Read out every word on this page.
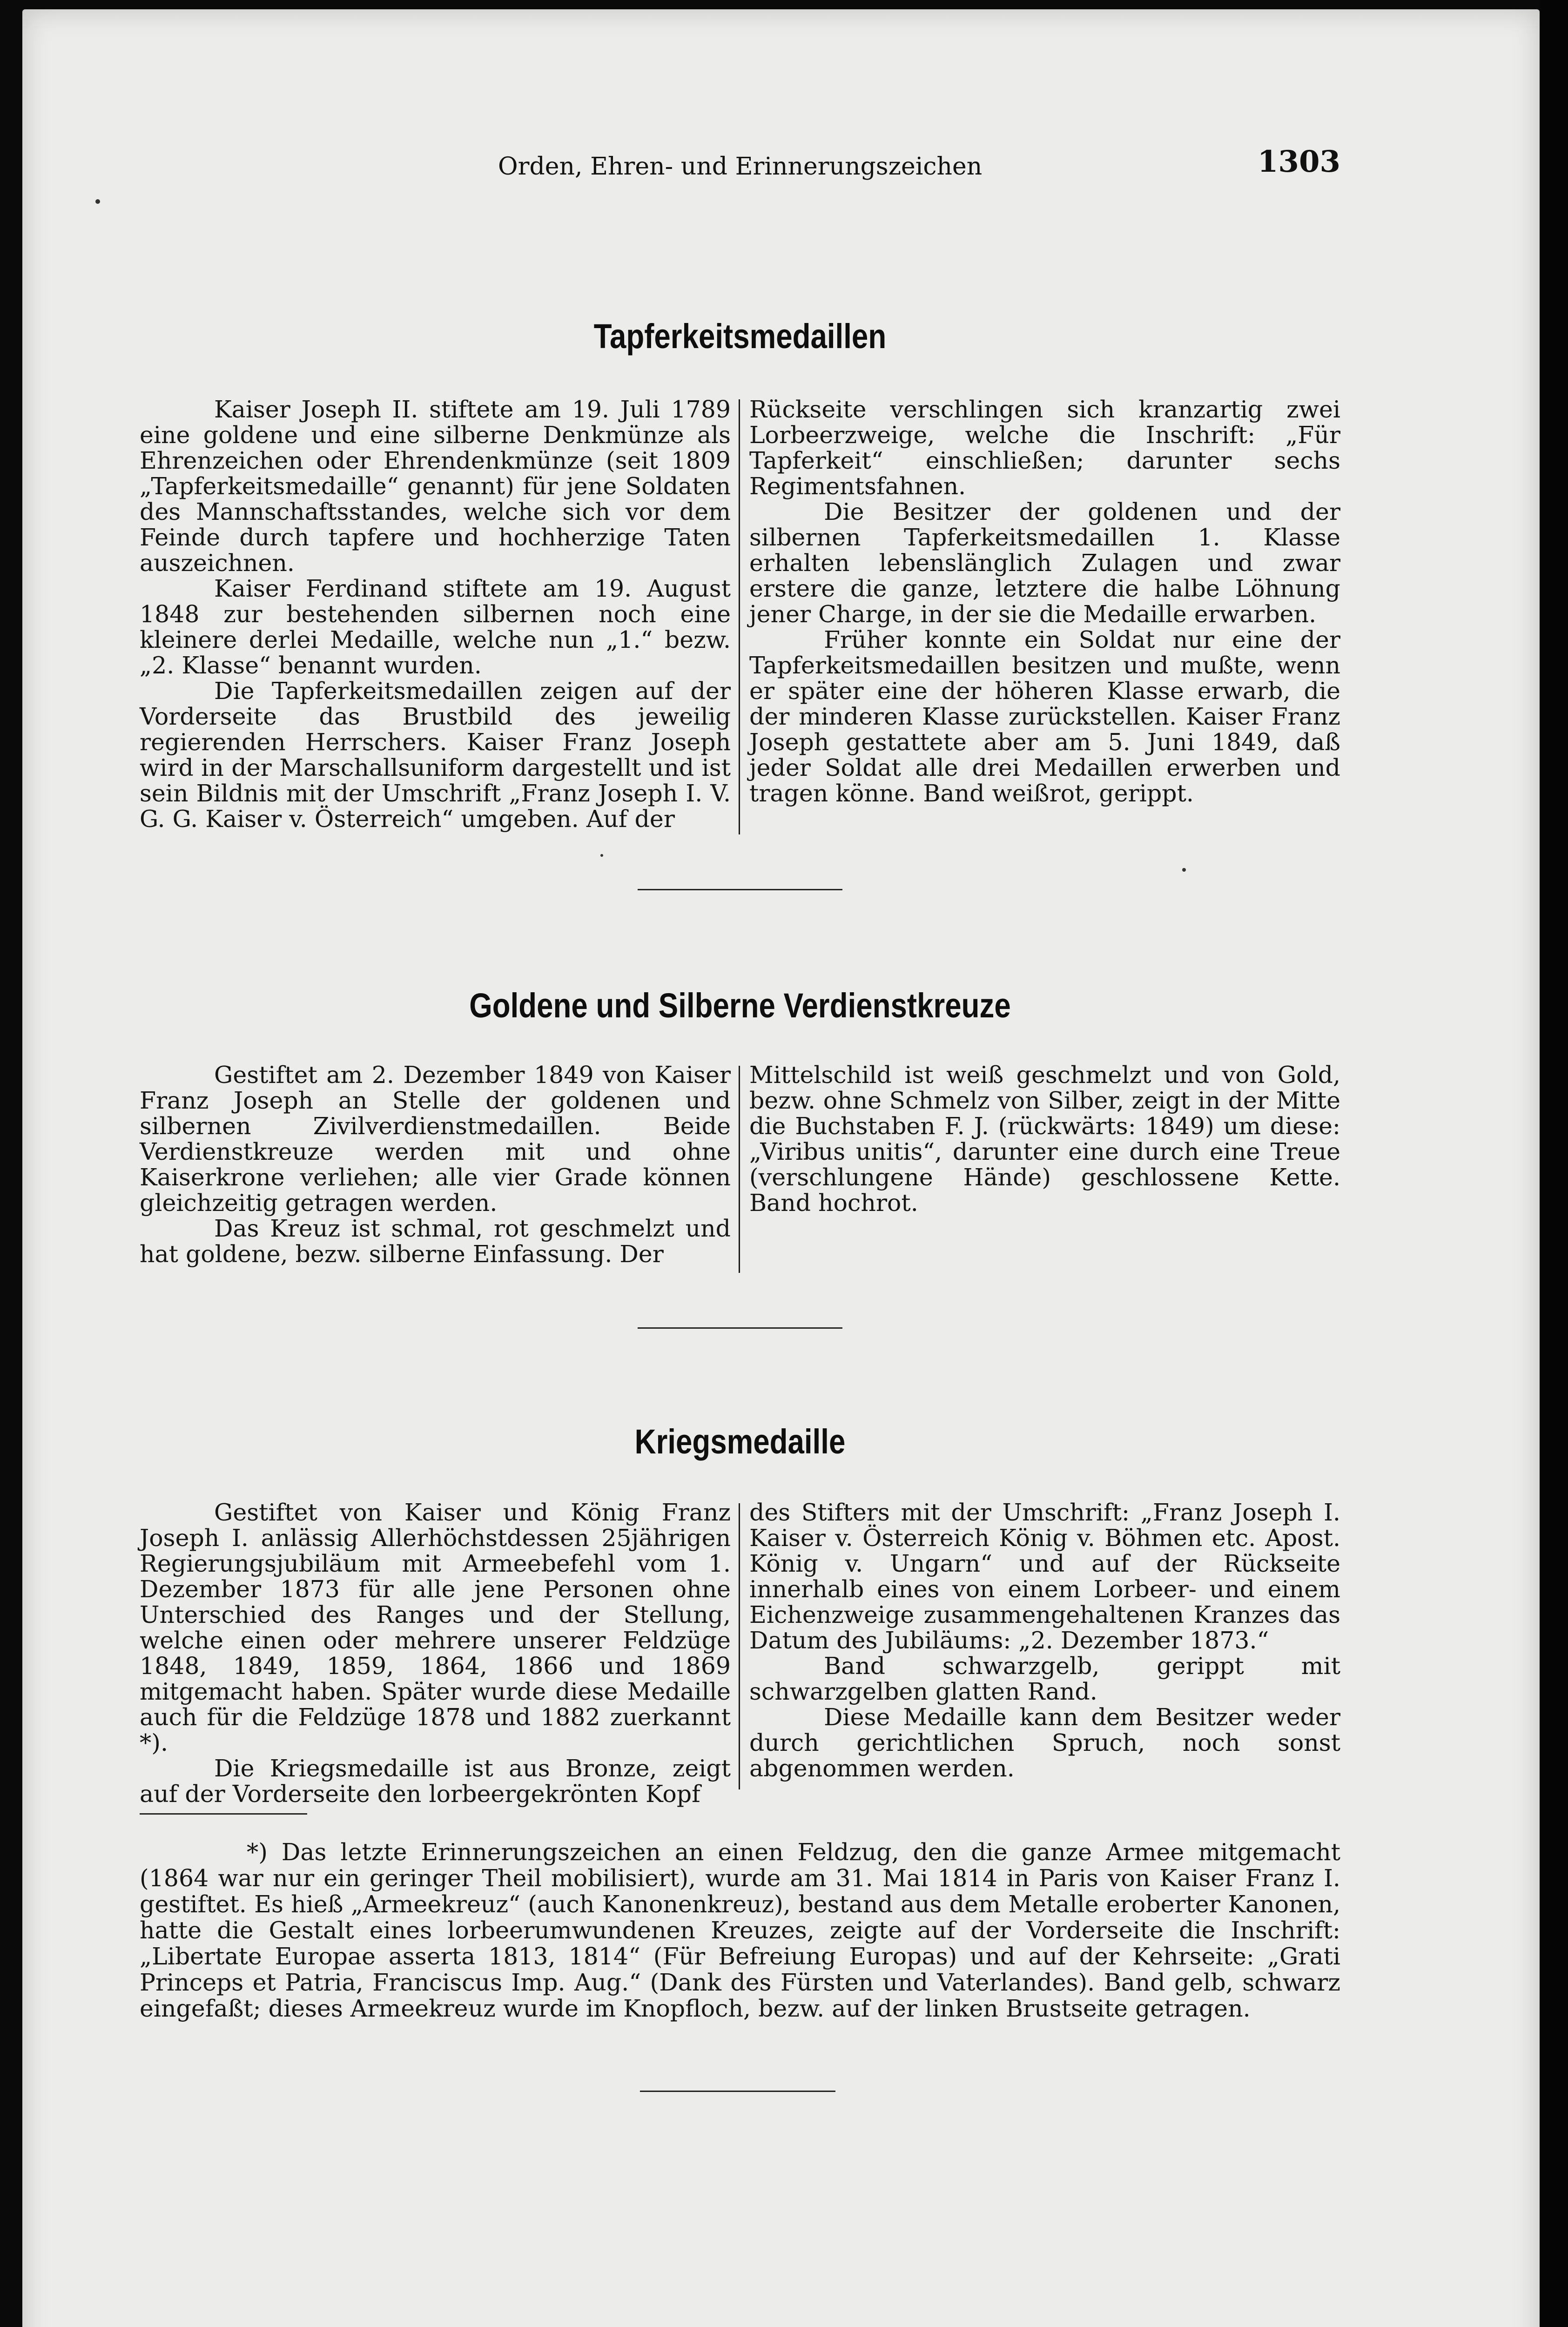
Orden, Ehren- und Erinnerungszeichen	1303
Tapferkeitsmedaillen

Kaiser Joseph II. stiftete am 19. Juli 1789 eine goldene und eine silberne Denkmünze als Ehrenzeichen oder Ehrendenkmünze (seit 1809 „Tapferkeitsmedaille“ genannt) für jene Soldaten des Mannschaftsstandes, welche sich vor dem Feinde durch tapfere und hochherzige Taten auszeichnen.

Kaiser Ferdinand stiftete am 19. August 1848 zur bestehenden silbernen noch eine kleinere derlei Medaille, welche nun „1.“ bezw. „2. Klasse“ benannt wurden.

Die Tapferkeitsmedaillen zeigen auf der Vorderseite das Brustbild des jeweilig regierenden Herrschers. Kaiser Franz Joseph wird in der Marschallsuniform dargestellt und ist sein Bildnis mit der Umschrift „Franz Joseph I. V. G. G. Kaiser v. Österreich“ umgeben. Auf der

Rückseite verschlingen sich kranzartig zwei Lorbeerzweige, welche die Inschrift: „Für Tapferkeit“ einschließen; darunter sechs Regimentsfahnen.

Die Besitzer der goldenen und der silbernen Tapferkeitsmedaillen 1. Klasse erhalten lebenslänglich Zulagen und zwar erstere die ganze, letztere die halbe Löhnung jener Charge, in der sie die Medaille erwarben.

Früher konnte ein Soldat nur eine der Tapferkeitsmedaillen besitzen und mußte, wenn er später eine der höheren Klasse erwarb, die der minderen Klasse zurückstellen. Kaiser Franz Joseph gestattete aber am 5. Juni 1849, daß jeder Soldat alle drei Medaillen erwerben und tragen könne. Band weißrot, gerippt.

Goldene und Silberne Verdienstkreuze

Gestiftet am 2. Dezember 1849 von Kaiser Franz Joseph an Stelle der goldenen und silbernen Zivilverdienstmedaillen. Beide Verdienstkreuze werden mit und ohne Kaiserkrone verliehen; alle vier Grade können gleichzeitig getragen werden.

Das Kreuz ist schmal, rot geschmelzt und hat goldene, bezw. silberne Einfassung. Der

Mittelschild ist weiß geschmelzt und von Gold, bezw. ohne Schmelz von Silber, zeigt in der Mitte die Buchstaben F. J. (rückwärts: 1849) um diese: „Viribus unitis“, darunter eine durch eine Treue (verschlungene Hände) geschlossene Kette. Band hochrot.

Kriegsmedaille

Gestiftet von Kaiser und König Franz Joseph I. anlässig Allerhöchstdessen 25jährigen Regierungsjubiläum mit Armeebefehl vom 1. Dezember 1873 für alle jene Personen ohne Unterschied des Ranges und der Stellung, welche einen oder mehrere unserer Feldzüge 1848, 1849, 1859, 1864, 1866 und 1869 mitgemacht haben. Später wurde diese Medaille auch für die Feldzüge 1878 und 1882 zuerkannt *).

Die Kriegsmedaille ist aus Bronze, zeigt auf der Vorderseite den lorbeergekrönten Kopf

des Stifters mit der Umschrift: „Franz Joseph I. Kaiser v. Österreich König v. Böhmen etc. Apost. König v. Ungarn“ und auf der Rückseite innerhalb eines von einem Lorbeer- und einem Eichenzweige zusammengehaltenen Kranzes das Datum des Jubiläums: „2. Dezember 1873.“

Band schwarzgelb, gerippt mit schwarzgelben glatten Rand.

Diese Medaille kann dem Besitzer weder durch gerichtlichen Spruch, noch sonst abgenommen werden.

*) Das letzte Erinnerungszeichen an einen Feldzug, den die ganze Armee mitgemacht (1864 war nur ein geringer Theil mobilisiert), wurde am 31. Mai 1814 in Paris von Kaiser Franz I. gestiftet. Es hieß „Armeekreuz“ (auch Kanonenkreuz), bestand aus dem Metalle eroberter Kanonen, hatte die Gestalt eines lorbeerumwundenen Kreuzes, zeigte auf der Vorderseite die Inschrift: „Libertate Europae asserta 1813, 1814“ (Für Befreiung Europas) und auf der Kehrseite: „Grati Princeps et Patria, Franciscus Imp. Aug.“ (Dank des Fürsten und Vaterlandes). Band gelb, schwarz eingefaßt; dieses Armeekreuz wurde im Knopfloch, bezw. auf der linken Brustseite getragen.
